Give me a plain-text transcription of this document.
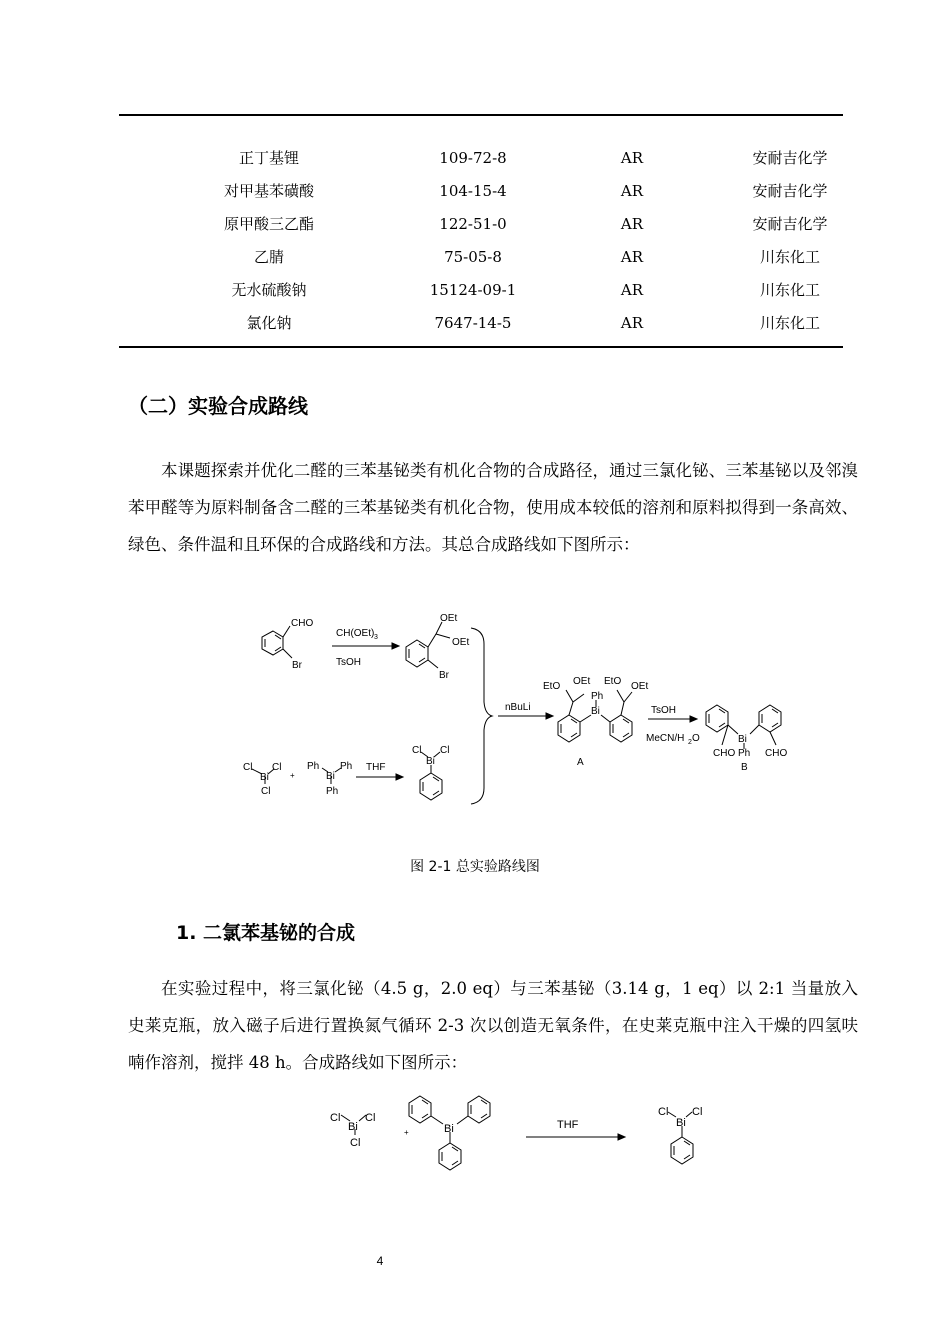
正丁基锂	109-72-8	AR	安耐吉化学
对甲基苯磺酸	104-15-4	AR	安耐吉化学
原甲酸三乙酯	122-51-0	AR	安耐吉化学
乙腈	75-05-8	AR	川东化工
无水硫酸钠	15124-09-1	AR	川东化工
氯化钠	7647-14-5	AR	川东化工
（二）实验合成路线

本课题探索并优化二醛的三苯基铋类有机化合物的合成路径，通过三氯化铋、三苯基铋以及邻溴苯甲醛等为原料制备含二醛的三苯基铋类有机化合物，使用成本较低的溶剂和原料拟得到一条高效、绿色、条件温和且环保的合成路线和方法。其总合成路线如下图所示：

CHO
Br
CH(OEt) 3
TsOH
OEt
OEt
Br
Cl Cl
Bi
Cl
+
Ph Ph
Bi
Ph
THF
Cl Cl
Bi
nBuLi
EtO OEt EtO OEt
Ph
Bi
A
TsOH
MeCN/H 2 O	Bi
CHO Ph CHO
B
图 2-1 总实验路线图
1. 二氯苯基铋的合成

在实验过程中，将三氯化铋（4.5 g，2.0 eq）与三苯基铋（3.14 g，1 eq）以 2:1 当量放入史莱克瓶，放入磁子后进行置换氮气循环 2-3 次以创造无氧条件，在史莱克瓶中注入干燥的四氢呋喃作溶剂，搅拌 48 h。合成路线如下图所示：

Cl Cl
Bi
Cl
+	Bi	THF
Cl Cl
Bi
4
